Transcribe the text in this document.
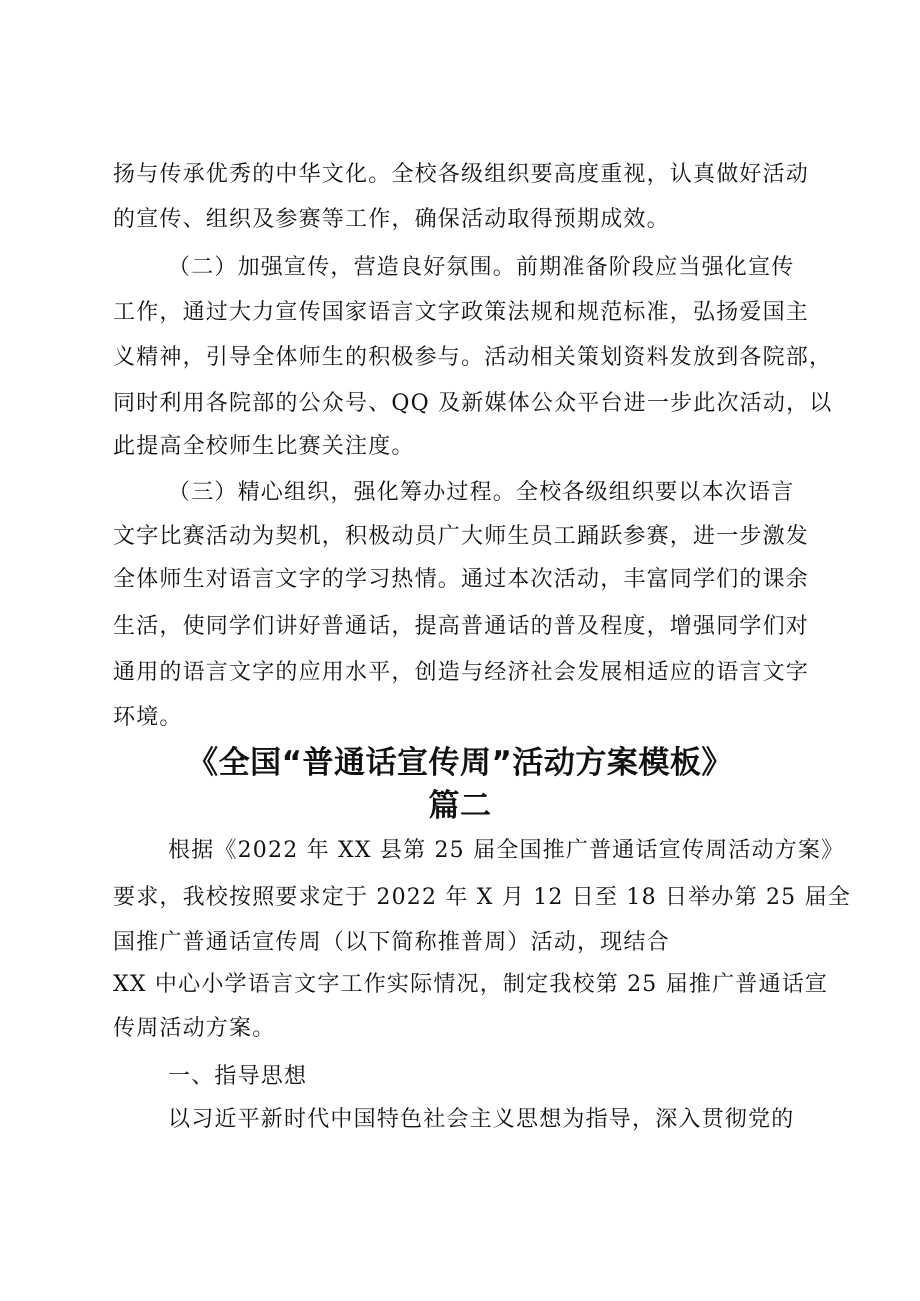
扬与传承优秀的中华文化。全校各级组织要高度重视，认真做好活动
的宣传、组织及参赛等工作，确保活动取得预期成效。
（二）加强宣传，营造良好氛围。前期准备阶段应当强化宣传
工作，通过大力宣传国家语言文字政策法规和规范标准，弘扬爱国主
义精神，引导全体师生的积极参与。活动相关策划资料发放到各院部，
同时利用各院部的公众号、QQ 及新媒体公众平台进一步此次活动，以
此提高全校师生比赛关注度。
（三）精心组织，强化筹办过程。全校各级组织要以本次语言
文字比赛活动为契机，积极动员广大师生员工踊跃参赛，进一步激发
全体师生对语言文字的学习热情。通过本次活动，丰富同学们的课余
生活，使同学们讲好普通话，提高普通话的普及程度，增强同学们对
通用的语言文字的应用水平，创造与经济社会发展相适应的语言文字
环境。
《全国“普通话宣传周”活动方案模板》
篇二
根据《2022 年 XX 县第 25 届全国推广普通话宣传周活动方案》
要求，我校按照要求定于 2022 年 X 月 12 日至 18 日举办第 25 届全
国推广普通话宣传周（以下简称推普周）活动，现结合
XX 中心小学语言文字工作实际情况，制定我校第 25 届推广普通话宣
传周活动方案。
一、指导思想
以习近平新时代中国特色社会主义思想为指导，深入贯彻党的
